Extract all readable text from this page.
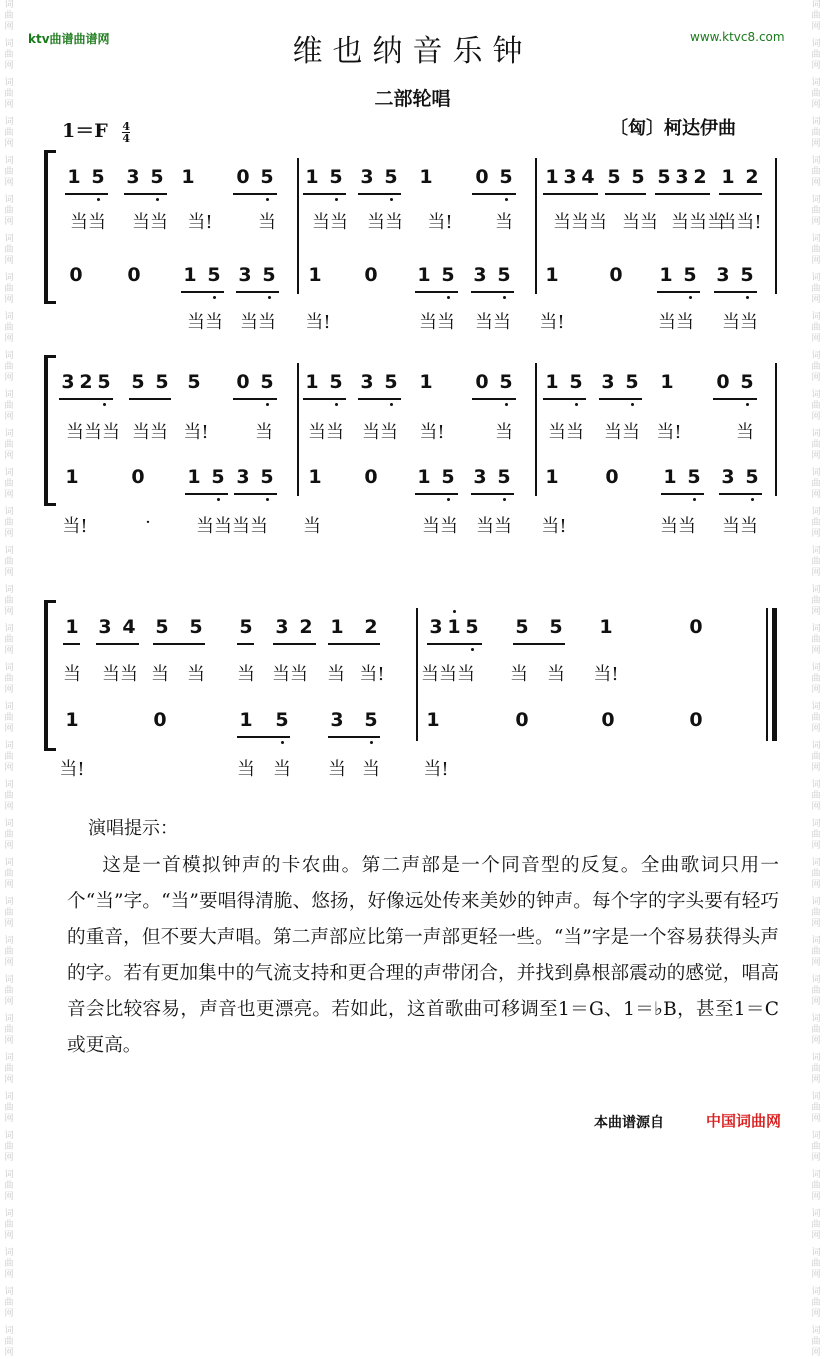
词
曲
网
词
曲
网
词
曲
网
词
曲
网
词
曲
网
词
曲
网
词
曲
网
词
曲
网
词
曲
网
词
曲
网
词
曲
网
词
曲
网
词
曲
网
词
曲
网
词
曲
网
词
曲
网
词
曲
网
词
曲
网
词
曲
网
词
曲
网
词
曲
网
词
曲
网
词
曲
网
词
曲
网
词
曲
网
词
曲
网
词
曲
网
词
曲
网
词
曲
网
词
曲
网
词
曲
网
词
曲
网
词
曲
网
词
曲
网
词
曲
网
词
曲
网
词
曲
网
词
曲
网
词
曲
网
词
曲
网
词
曲
网
词
曲
网
词
曲
网
词
曲
网
词
曲
网
词
曲
网
词
曲
网
词
曲
网
词
曲
网
词
曲
网
词
曲
网
词
曲
网
词
曲
网
词
曲
网
词
曲
网
词
曲
网
词
曲
网
词
曲
网
词
曲
网
词
曲
网
词
曲
网
词
曲
网
词
曲
网
词
曲
网
词
曲
网
词
曲
网
词
曲
网
词
曲
网
词
曲
网
词
曲
网
ktv曲谱曲谱网	www.ktvc8.com
维也纳音乐钟
二部轮唱
$1=F \frac{4}{4}$	〔匈〕柯达伊曲
1 5 3 5 1 0 5 1 5 3 5 1 0 5 1 3 4 5 5 5 3 2 1 2
当当 当当 当!	当 当当 当当 当! 当 当当当 当当 当当当
当当!
0 0 1 5 3 5 1 0 1 5 3 5 1	0 1 5 3 5
当当 当当 当!	当当 当当 当!	当当 当当
3 2 5 5 5 5 0 5 1 5 3 5 1 0 5 1 5 3 5 1 0 5
当当当 当当 当!	当 当当 当当 当!	当 当当 当当 当!	当
1	0 1 5 3 5 1 0 1 5 3 5 1 0 1 5 3 5
当!	·	当当当当 当	当当 当当 当!	当当 当当
1 3 4 5 5 5 3 2 1 2	3 1 5 5 5 1	0
当 当当 当 当 当 当当 当 当! 当当当 当 当 当!
1	0	1 5 3 5	1	0	0	0
当!	当 当 当 当 当!
演唱提示：
这是一首模拟钟声的卡农曲。第二声部是一个同音型的反复。全曲歌词只用一个“当”字。“当”要唱得清脆、悠扬，好像远处传来美妙的钟声。每个字的字头要有轻巧的重音，但不要大声唱。第二声部应比第一声部更轻一些。“当”字是一个容易获得头声的字。若有更加集中的气流支持和更合理的声带闭合，并找到鼻根部震动的感觉，唱高音会比较容易，声音也更漂亮。若如此，这首歌曲可移调至1＝G、1＝♭B，甚至1＝C 或更高。
本曲谱源自	中国词曲网
